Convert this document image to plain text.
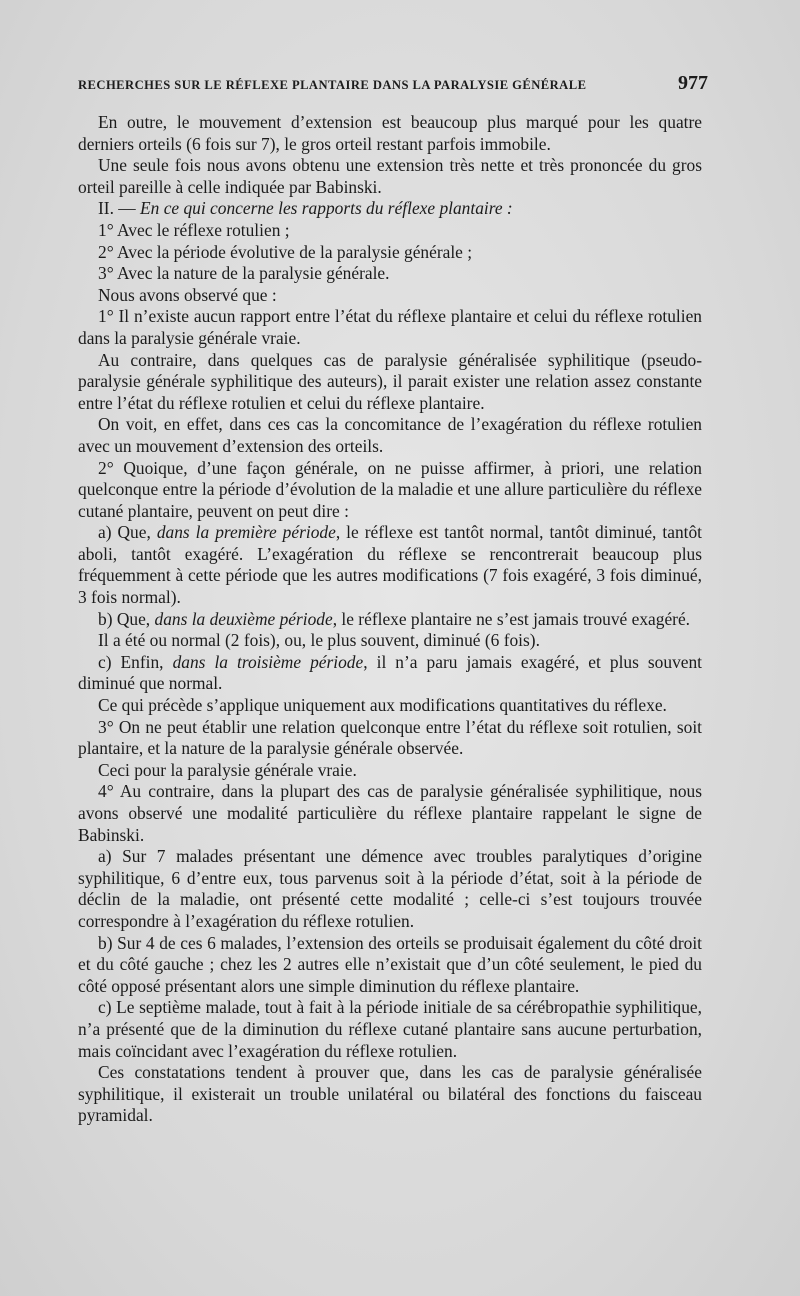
RECHERCHES SUR LE RÉFLEXE PLANTAIRE DANS LA PARALYSIE GÉNÉRALE	977

En outre, le mouvement d’extension est beaucoup plus marqué pour les quatre derniers orteils (6 fois sur 7), le gros orteil restant parfois immobile.

Une seule fois nous avons obtenu une extension très nette et très prononcée du gros orteil pareille à celle indiquée par Babinski.

II. — En ce qui concerne les rapports du réflexe plantaire :

1° Avec le réflexe rotulien ;

2° Avec la période évolutive de la paralysie générale ;

3° Avec la nature de la paralysie générale.

Nous avons observé que :

1° Il n’existe aucun rapport entre l’état du réflexe plantaire et celui du réflexe rotulien dans la paralysie générale vraie.

Au contraire, dans quelques cas de paralysie généralisée syphilitique (pseudo-paralysie générale syphilitique des auteurs), il parait exister une relation assez constante entre l’état du réflexe rotulien et celui du réflexe plantaire.

On voit, en effet, dans ces cas la concomitance de l’exagération du réflexe rotulien avec un mouvement d’extension des orteils.

2° Quoique, d’une façon générale, on ne puisse affirmer, à priori, une relation quelconque entre la période d’évolution de la maladie et une allure particulière du réflexe cutané plantaire, peuvent on peut dire :

a) Que, dans la première période, le réflexe est tantôt normal, tantôt diminué, tantôt aboli, tantôt exagéré. L’exagération du réflexe se rencontrerait beaucoup plus fréquemment à cette période que les autres modifications (7 fois exagéré, 3 fois diminué, 3 fois normal).

b) Que, dans la deuxième période, le réflexe plantaire ne s’est jamais trouvé exagéré.

Il a été ou normal (2 fois), ou, le plus souvent, diminué (6 fois).

c) Enfin, dans la troisième période, il n’a paru jamais exagéré, et plus souvent diminué que normal.

Ce qui précède s’applique uniquement aux modifications quantitatives du réflexe.

3° On ne peut établir une relation quelconque entre l’état du réflexe soit rotulien, soit plantaire, et la nature de la paralysie générale observée.

Ceci pour la paralysie générale vraie.

4° Au contraire, dans la plupart des cas de paralysie généralisée syphilitique, nous avons observé une modalité particulière du réflexe plantaire rappelant le signe de Babinski.

a) Sur 7 malades présentant une démence avec troubles paralytiques d’origine syphilitique, 6 d’entre eux, tous parvenus soit à la période d’état, soit à la période de déclin de la maladie, ont présenté cette modalité ; celle-ci s’est toujours trouvée correspondre à l’exagération du réflexe rotulien.

b) Sur 4 de ces 6 malades, l’extension des orteils se produisait également du côté droit et du côté gauche ; chez les 2 autres elle n’existait que d’un côté seulement, le pied du côté opposé présentant alors une simple diminution du réflexe plantaire.

c) Le septième malade, tout à fait à la période initiale de sa cérébropathie syphilitique, n’a présenté que de la diminution du réflexe cutané plantaire sans aucune perturbation, mais coïncidant avec l’exagération du réflexe rotulien.

Ces constatations tendent à prouver que, dans les cas de paralysie généralisée syphilitique, il existerait un trouble unilatéral ou bilatéral des fonctions du faisceau pyramidal.
